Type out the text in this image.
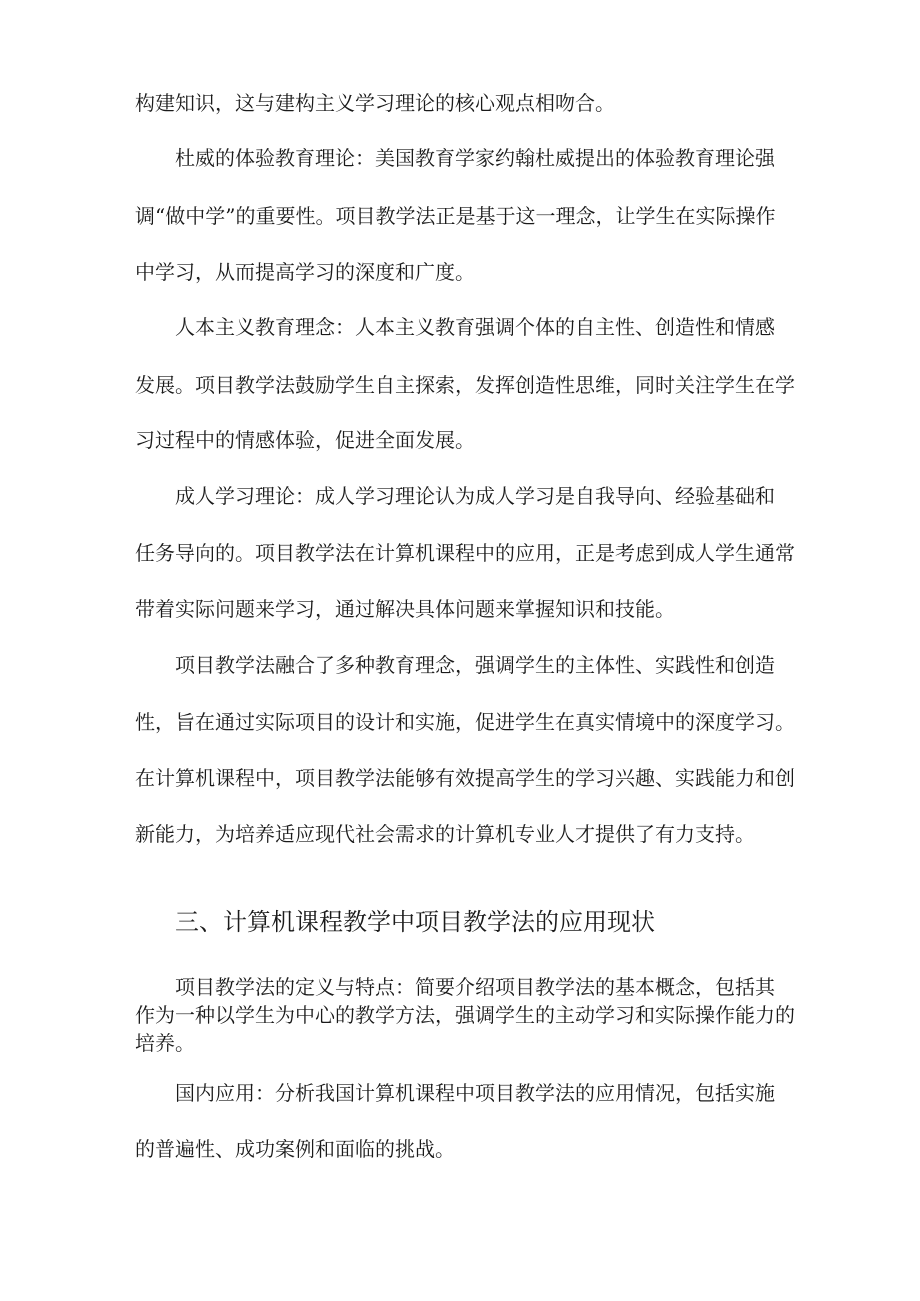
构建知识，这与建构主义学习理论的核心观点相吻合。
杜威的体验教育理论：美国教育学家约翰杜威提出的体验教育理论强
调“做中学”的重要性。项目教学法正是基于这一理念，让学生在实际操作
中学习，从而提高学习的深度和广度。
人本主义教育理念：人本主义教育强调个体的自主性、创造性和情感
发展。项目教学法鼓励学生自主探索，发挥创造性思维，同时关注学生在学
习过程中的情感体验，促进全面发展。
成人学习理论：成人学习理论认为成人学习是自我导向、经验基础和
任务导向的。项目教学法在计算机课程中的应用，正是考虑到成人学生通常
带着实际问题来学习，通过解决具体问题来掌握知识和技能。
项目教学法融合了多种教育理念，强调学生的主体性、实践性和创造
性，旨在通过实际项目的设计和实施，促进学生在真实情境中的深度学习。
在计算机课程中，项目教学法能够有效提高学生的学习兴趣、实践能力和创
新能力，为培养适应现代社会需求的计算机专业人才提供了有力支持。
三、计算机课程教学中项目教学法的应用现状
项目教学法的定义与特点：简要介绍项目教学法的基本概念，包括其
作为一种以学生为中心的教学方法，强调学生的主动学习和实际操作能力的
培养。
国内应用：分析我国计算机课程中项目教学法的应用情况，包括实施
的普遍性、成功案例和面临的挑战。
